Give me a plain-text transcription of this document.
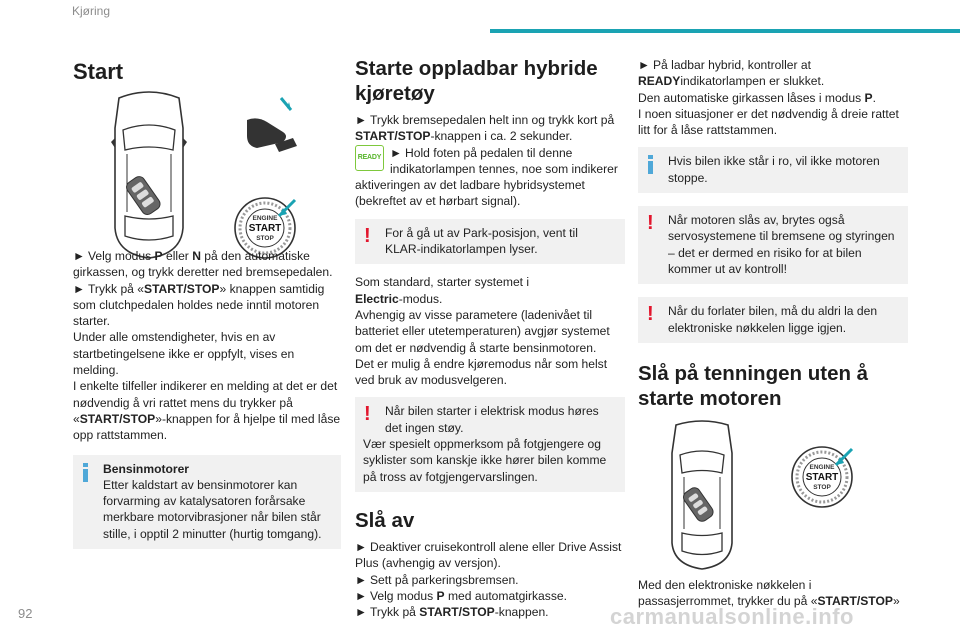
Kjøring
Start
ENGINE
START
STOP

► Velg modus P eller N på den automatiske girkassen, og trykk deretter ned bremsepedalen.

► Trykk på «START/STOP» knappen samtidig som clutchpedalen holdes nede inntil motoren starter.

Under alle omstendigheter, hvis en av startbetingelsene ikke er oppfylt, vises en melding.

I enkelte tilfeller indikerer en melding at det er det nødvendig å vri rattet mens du trykker på
«START/STOP»-knappen for å hjelpe til med låse opp rattstammen.

Bensinmotorer
Etter kaldstart av bensinmotorer kan forvarming av katalysatoren forårsake merkbare motorvibrasjoner når bilen står stille, i opptil 2 minutter (hurtig tomgang).

Starte oppladbar hybride kjøretøy

► Trykk bremsepedalen helt inn og trykk kort på START/STOP-knappen i ca. 2 sekunder.

READY ► Hold foten på pedalen til denne indikatorlampen tennes, noe som indikerer aktiveringen av det ladbare hybridsystemet (bekreftet av et hørbart signal).

! For å gå ut av Park-posisjon, vent til KLAR-indikatorlampen lyser.

Som standard, starter systemet i
Electric-modus.

Avhengig av visse parametere (ladenivået til batteriet eller utetemperaturen) avgjør systemet om det er nødvendig å starte bensinmotoren.

Det er mulig å endre kjøremodus når som helst ved bruk av modusvelgeren.

! Når bilen starter i elektrisk modus høres det ingen støy.

Vær spesielt oppmerksom på fotgjengere og syklister som kanskje ikke hører bilen komme på tross av fotgjengervarslingen.

Slå av

► Deaktiver cruisekontroll alene eller Drive Assist Plus (avhengig av versjon).

► Sett på parkeringsbremsen.

► Velg modus P med automatgirkasse.

► Trykk på START/STOP-knappen.

► På ladbar hybrid, kontroller at
READYindikatorlampen er slukket.

Den automatiske girkassen låses i modus P.

I noen situasjoner er det nødvendig å dreie rattet litt for å låse rattstammen.

Hvis bilen ikke står i ro, vil ikke motoren stoppe.

! Når motoren slås av, brytes også servosystemene til bremsene og styringen – det er dermed en risiko for at bilen kommer ut av kontroll!

! Når du forlater bilen, må du aldri la den elektroniske nøkkelen ligge igjen.

Slå på tenningen uten å starte motoren
ENGINE
START
STOP

Med den elektroniske nøkkelen i passasjerrommet, trykker du på «START/STOP»

92	carmanualsonline.info
